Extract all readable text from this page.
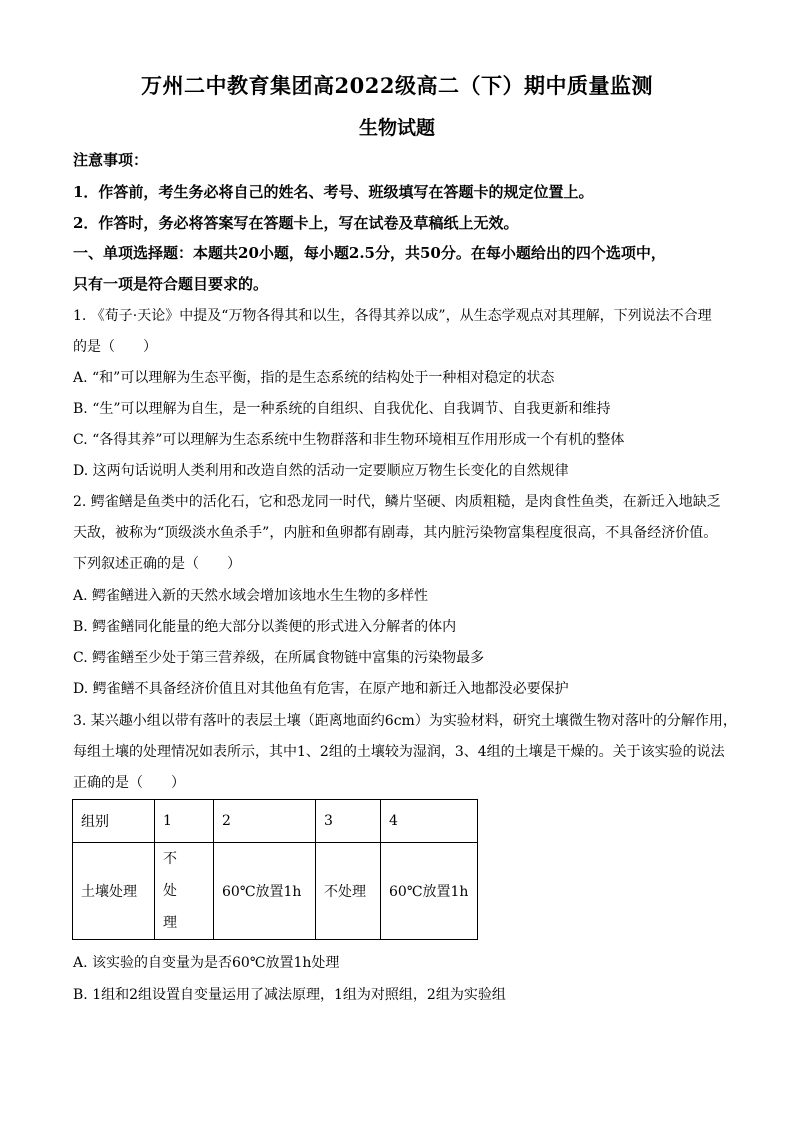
万州二中教育集团高2022级高二（下）期中质量监测
生物试题
注意事项：
1．作答前，考生务必将自己的姓名、考号、班级填写在答题卡的规定位置上。
2．作答时，务必将答案写在答题卡上，写在试卷及草稿纸上无效。
一、单项选择题：本题共20小题，每小题2.5分，共50分。在每小题给出的四个选项中，
只有一项是符合题目要求的。
1. 《荀子·天论》中提及“万物各得其和以生，各得其养以成”，从生态学观点对其理解，下列说法不合理
的是（　　）
A. “和”可以理解为生态平衡，指的是生态系统的结构处于一种相对稳定的状态
B. “生”可以理解为自生，是一种系统的自组织、自我优化、自我调节、自我更新和维持
C. “各得其养”可以理解为生态系统中生物群落和非生物环境相互作用形成一个有机的整体
D. 这两句话说明人类利用和改造自然的活动一定要顺应万物生长变化的自然规律
2. 鳄雀鳝是鱼类中的活化石，它和恐龙同一时代，鳞片坚硬、肉质粗糙，是肉食性鱼类，在新迁入地缺乏
天敌，被称为“顶级淡水鱼杀手”，内脏和鱼卵都有剧毒，其内脏污染物富集程度很高，不具备经济价值。
下列叙述正确的是（　　）
A. 鳄雀鳝进入新的天然水域会增加该地水生生物的多样性
B. 鳄雀鳝同化能量的绝大部分以粪便的形式进入分解者的体内
C. 鳄雀鳝至少处于第三营养级，在所属食物链中富集的污染物最多
D. 鳄雀鳝不具备经济价值且对其他鱼有危害，在原产地和新迁入地都没必要保护
3. 某兴趣小组以带有落叶的表层土壤（距离地面约6cm）为实验材料，研究土壤微生物对落叶的分解作用，
每组土壤的处理情况如表所示，其中1、2组的土壤较为湿润，3、4组的土壤是干燥的。关于该实验的说法
正确的是（　　）
组别	1	2	3	4
土壤处理	不处理	60℃放置1h	不处理	60℃放置1h
A. 该实验的自变量为是否60℃放置1h处理
B. 1组和2组设置自变量运用了减法原理，1组为对照组，2组为实验组
